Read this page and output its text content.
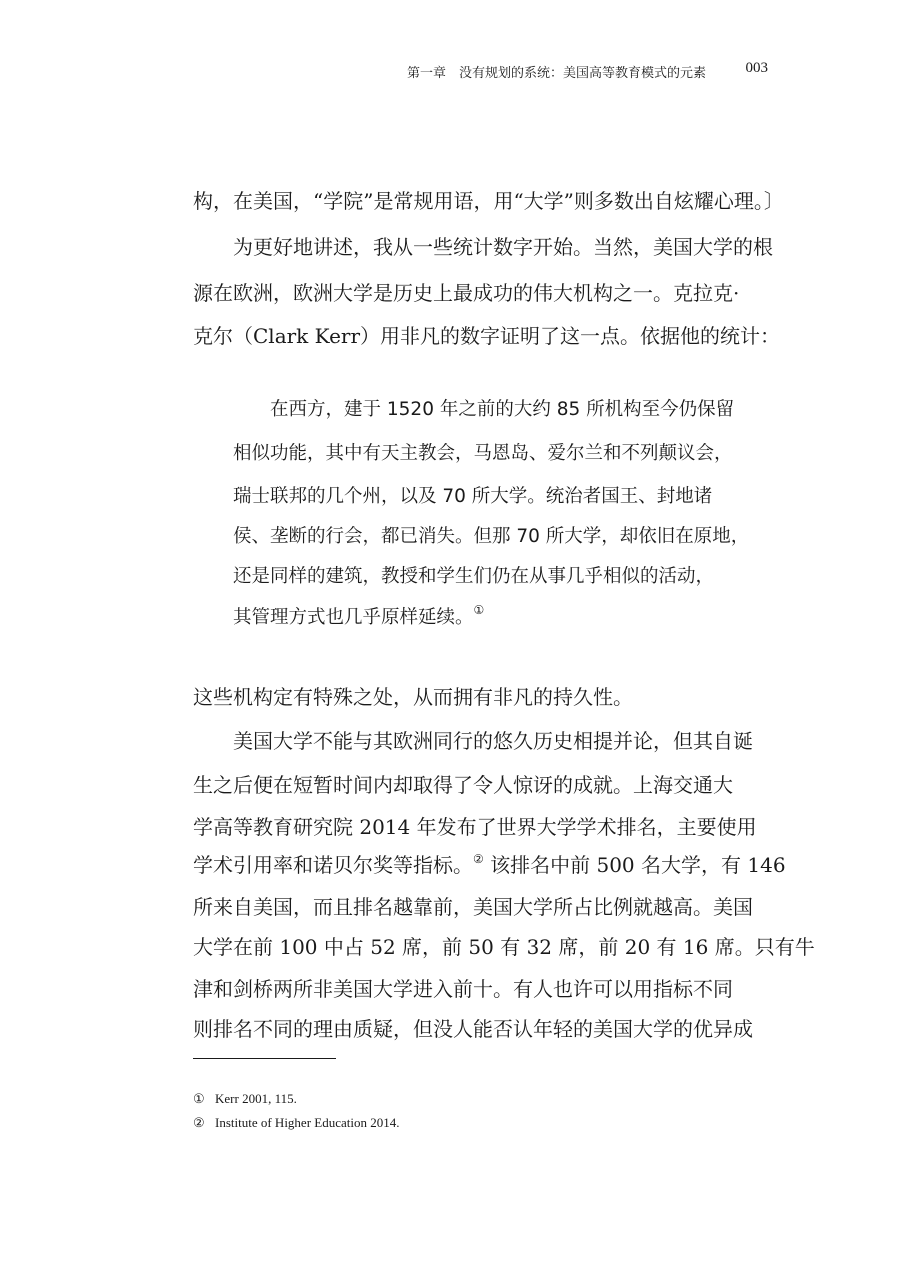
第一章　没有规划的系统：美国高等教育模式的元素	003
构，在美国，“学院”是常规用语，用“大学”则多数出自炫耀心理。〕
为更好地讲述，我从一些统计数字开始。当然，美国大学的根
源在欧洲，欧洲大学是历史上最成功的伟大机构之一。克拉克·
克尔（Clark Kerr）用非凡的数字证明了这一点。依据他的统计：
在西方，建于 1520 年之前的大约 85 所机构至今仍保留
相似功能，其中有天主教会，马恩岛、爱尔兰和不列颠议会，
瑞士联邦的几个州，以及 70 所大学。统治者国王、封地诸
侯、垄断的行会，都已消失。但那 70 所大学，却依旧在原地，
还是同样的建筑，教授和学生们仍在从事几乎相似的活动，
其管理方式也几乎原样延续。①
这些机构定有特殊之处，从而拥有非凡的持久性。
美国大学不能与其欧洲同行的悠久历史相提并论，但其自诞
生之后便在短暂时间内却取得了令人惊讶的成就。上海交通大
学高等教育研究院 2014 年发布了世界大学学术排名，主要使用
学术引用率和诺贝尔奖等指标。② 该排名中前 500 名大学，有 146
所来自美国，而且排名越靠前，美国大学所占比例就越高。美国
大学在前 100 中占 52 席，前 50 有 32 席，前 20 有 16 席。只有牛
津和剑桥两所非美国大学进入前十。有人也许可以用指标不同
则排名不同的理由质疑，但没人能否认年轻的美国大学的优异成
① Kerr 2001, 115.
② Institute of Higher Education 2014.
